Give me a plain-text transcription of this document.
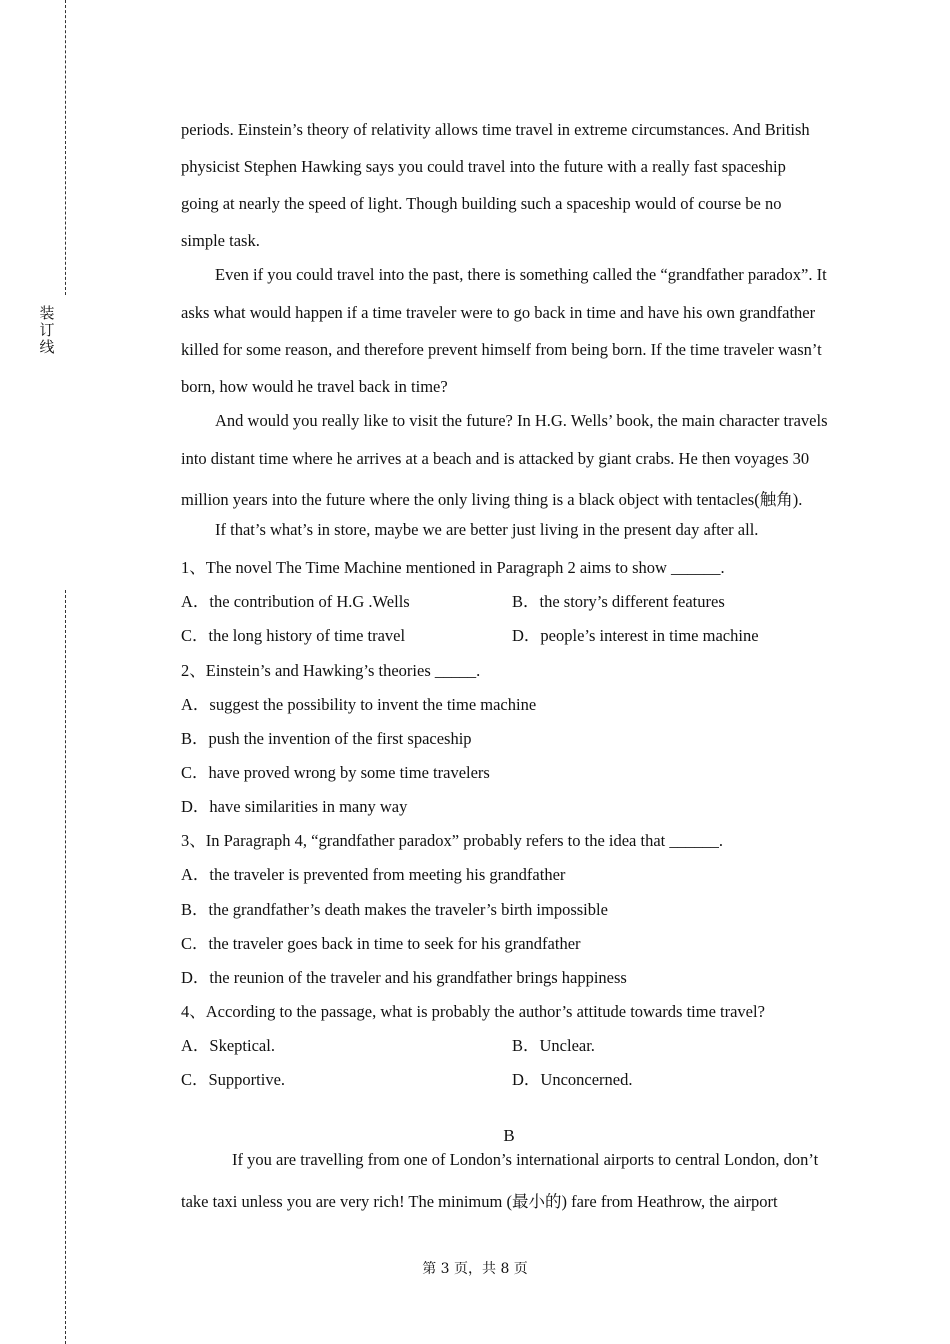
装
订
线
periods. Einstein’s theory of relativity allows time travel in extreme circumstances. And British
physicist Stephen Hawking says you could travel into the future with a really fast spaceship
going at nearly the speed of light. Though building such a spaceship would of course be no
simple task.
Even if you could travel into the past, there is something called the “grandfather paradox”. It
asks what would happen if a time traveler were to go back in time and have his own grandfather
killed for some reason, and therefore prevent himself from being born. If the time traveler wasn’t
born, how would he travel back in time?
And would you really like to visit the future? In H.G. Wells’ book, the main character travels
into distant time where he arrives at a beach and is attacked by giant crabs. He then voyages 30
million years into the future where the only living thing is a black object with tentacles(触角).
If that’s what’s in store, maybe we are better just living in the present day after all.
1、The novel The Time Machine mentioned in Paragraph 2 aims to show ______.
A．the contribution of H.G .Wells	B．the story’s different features
C．the long history of time travel	D．people’s interest in time machine
2、Einstein’s and Hawking’s theories _____.
A．suggest the possibility to invent the time machine
B．push the invention of the first spaceship
C．have proved wrong by some time travelers
D．have similarities in many way
3、In Paragraph 4, “grandfather paradox” probably refers to the idea that ______.
A．the traveler is prevented from meeting his grandfather
B．the grandfather’s death makes the traveler’s birth impossible
C．the traveler goes back in time to seek for his grandfather
D．the reunion of the traveler and his grandfather brings happiness
4、According to the passage, what is probably the author’s attitude towards time travel?
A．Skeptical.	B．Unclear.
C．Supportive.	D．Unconcerned.
B
If you are travelling from one of London’s international airports to central London, don’t
take taxi unless you are very rich! The minimum (最小的) fare from Heathrow, the airport
第 3 页，共 8 页
